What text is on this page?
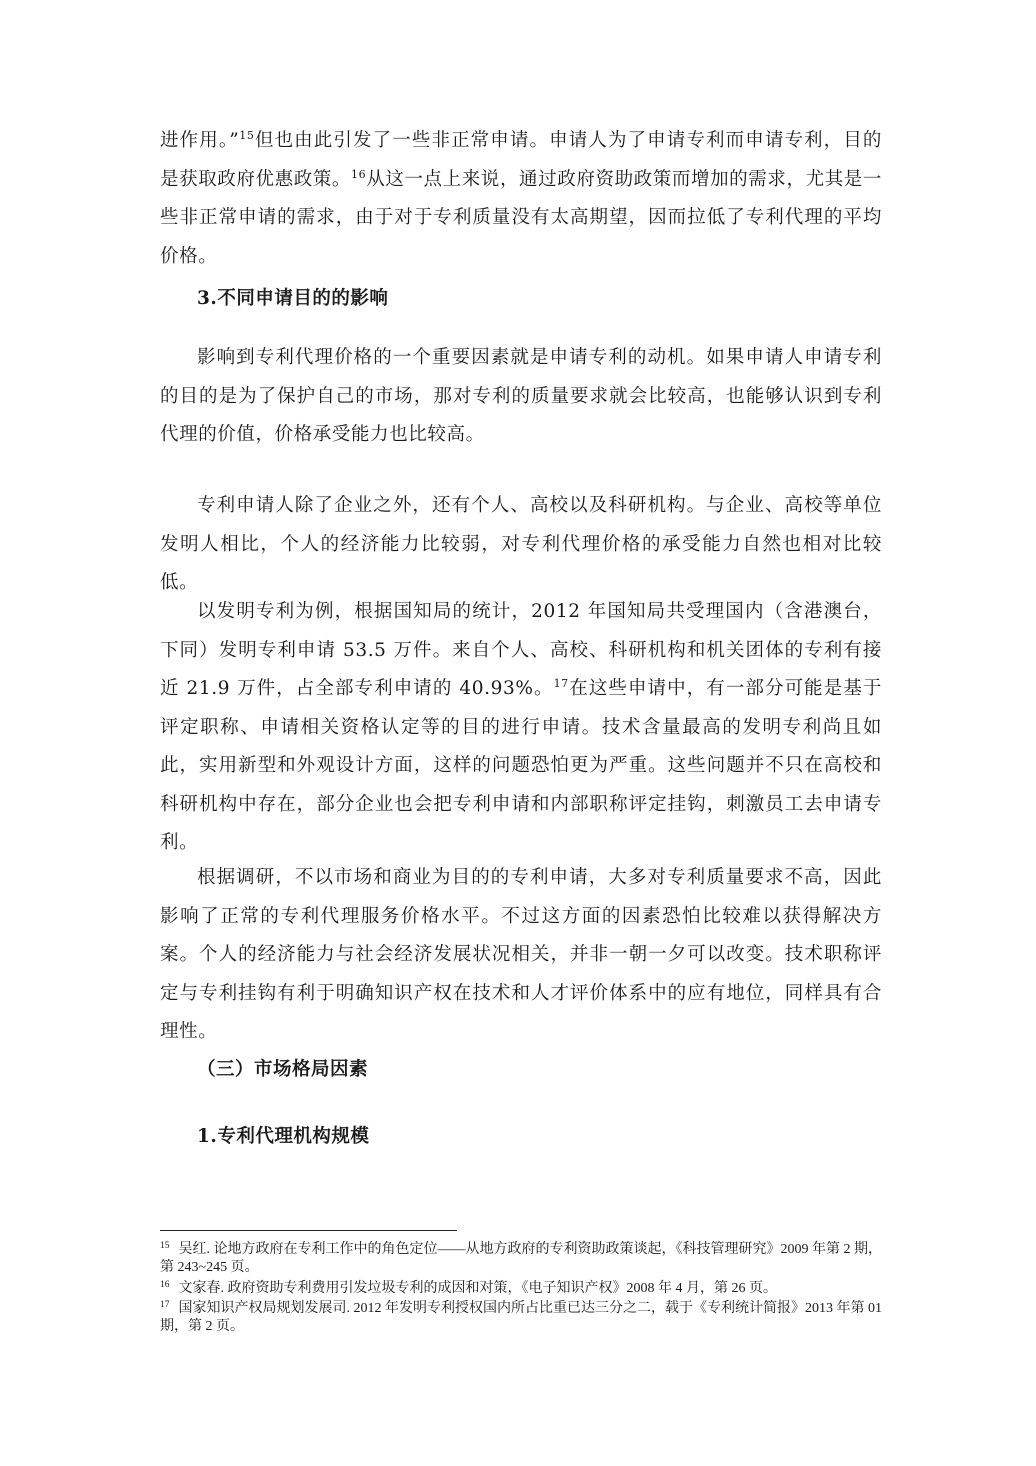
进作用。”$^{15}$但也由此引发了一些非正常申请。申请人为了申请专利而申请专利，目的是获取政府优惠政策。$^{16}$从这一点上来说，通过政府资助政策而增加的需求，尤其是一些非正常申请的需求，由于对于专利质量没有太高期望，因而拉低了专利代理的平均价格。

3.不同申请目的的影响

影响到专利代理价格的一个重要因素就是申请专利的动机。如果申请人申请专利的目的是为了保护自己的市场，那对专利的质量要求就会比较高，也能够认识到专利代理的价值，价格承受能力也比较高。

专利申请人除了企业之外，还有个人、高校以及科研机构。与企业、高校等单位发明人相比，个人的经济能力比较弱，对专利代理价格的承受能力自然也相对比较低。

以发明专利为例，根据国知局的统计，2012 年国知局共受理国内（含港澳台，下同）发明专利申请 53.5 万件。来自个人、高校、科研机构和机关团体的专利有接近 21.9 万件，占全部专利申请的 40.93%。$^{17}$在这些申请中，有一部分可能是基于评定职称、申请相关资格认定等的目的进行申请。技术含量最高的发明专利尚且如此，实用新型和外观设计方面，这样的问题恐怕更为严重。这些问题并不只在高校和科研机构中存在，部分企业也会把专利申请和内部职称评定挂钩，刺激员工去申请专利。

根据调研，不以市场和商业为目的的专利申请，大多对专利质量要求不高，因此影响了正常的专利代理服务价格水平。不过这方面的因素恐怕比较难以获得解决方案。个人的经济能力与社会经济发展状况相关，并非一朝一夕可以改变。技术职称评定与专利挂钩有利于明确知识产权在技术和人才评价体系中的应有地位，同样具有合理性。

（三）市场格局因素
1.专利代理机构规模

$^{15}$ 吴红. 论地方政府在专利工作中的角色定位——从地方政府的专利资助政策谈起，《科技管理研究》2009 年第 2 期，第 243~245 页。

$^{16}$ 文家春. 政府资助专利费用引发垃圾专利的成因和对策，《电子知识产权》2008 年 4 月，第 26 页。

$^{17}$ 国家知识产权局规划发展司. 2012 年发明专利授权国内所占比重已达三分之二，载于《专利统计简报》2013 年第 01 期，第 2 页。
